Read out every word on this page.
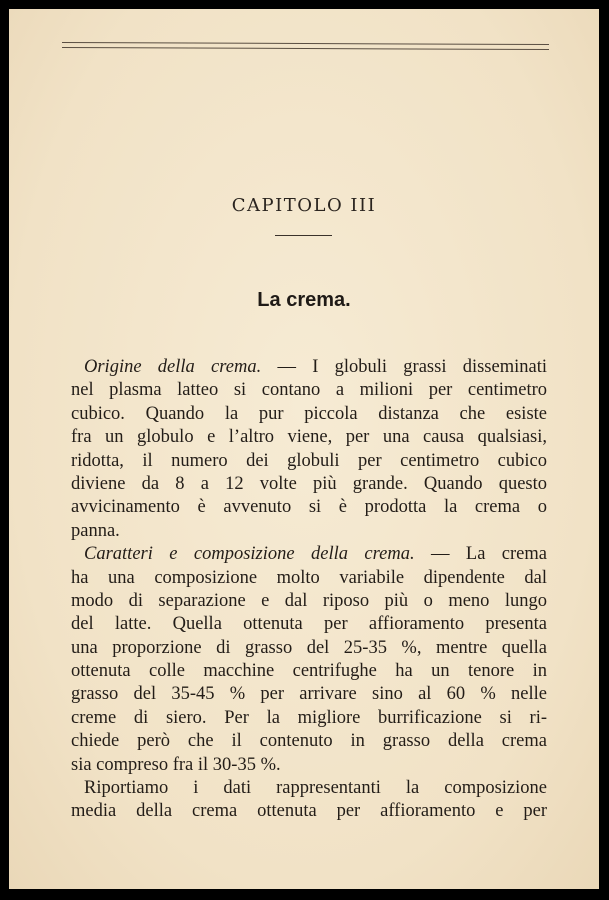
CAPITOLO III
La crema.
Origine della crema. — I globuli grassi disseminati
nel plasma latteo si contano a milioni per centimetro
cubico. Quando la pur piccola distanza che esiste
fra un globulo e l’altro viene, per una causa qualsiasi,
ridotta, il numero dei globuli per centimetro cubico
diviene da 8 a 12 volte più grande. Quando questo
avvicinamento è avvenuto si è prodotta la crema o
panna.
Caratteri e composizione della crema. — La crema
ha una composizione molto variabile dipendente dal
modo di separazione e dal riposo più o meno lungo
del latte. Quella ottenuta per affioramento presenta
una proporzione di grasso del 25-35 %, mentre quella
ottenuta colle macchine centrifughe ha un tenore in
grasso del 35-45 % per arrivare sino al 60 % nelle
creme di siero. Per la migliore burrificazione si ri-
chiede però che il contenuto in grasso della crema
sia compreso fra il 30-35 %.
Riportiamo i dati rappresentanti la composizione
media della crema ottenuta per affioramento e per
